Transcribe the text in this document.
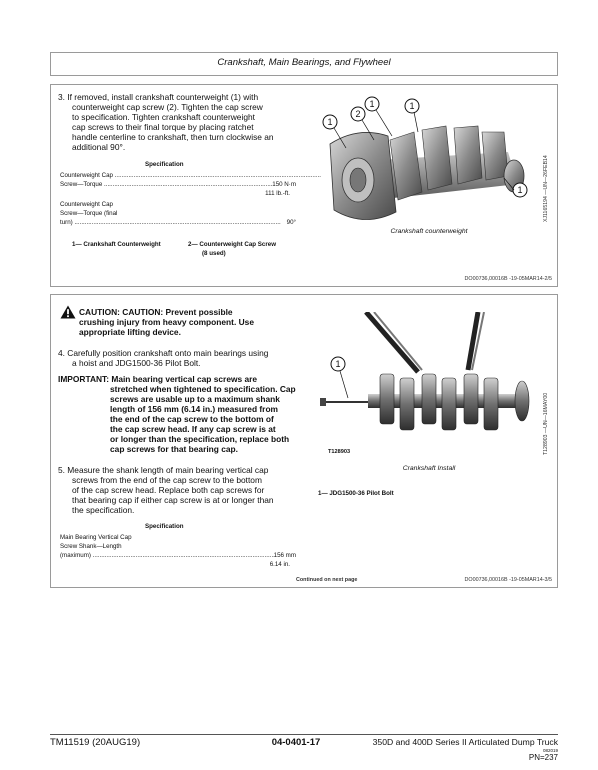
Crankshaft, Main Bearings, and Flywheel
3. If removed, install crankshaft counterweight (1) with
counterweight cap screw (2). Tighten the cap screw
to specification. Tighten crankshaft counterweight
cap screws to their final torque by placing ratchet
handle centerline to crankshaft, then turn clockwise an
additional 90°.
Specification
Counterweight Cap .....
Screw—Torque .....	150 N·m
111 lb.-ft.
Counterweight Cap
Screw—Torque (final
turn) .....	90°
1— Crankshaft Counterweight	2— Counterweight Cap Screw
(8 used)
1
2
1	1
1	XJ1165194 —UN—26FEB14
Crankshaft counterweight
DO00736,00016B -19-05MAR14-2/5
CAUTION: CAUTION: Prevent possible
crushing injury from heavy component. Use
appropriate lifting device.
4. Carefully position crankshaft onto main bearings using
a hoist and JDG1500-36 Pilot Bolt.
IMPORTANT: Main bearing vertical cap screws are
stretched when tightened to specification. Cap
screws are usable up to a maximum shank
length of 156 mm (6.14 in.) measured from
the end of the cap screw to the bottom of
the cap screw head. If any cap screw is at
or longer than the specification, replace both
cap screws for that bearing cap.
5. Measure the shank length of main bearing vertical cap
screws from the end of the cap screw to the bottom
of the cap screw head. Replace both cap screws for
that bearing cap if either cap screw is at or longer than
the specification.
Specification
Main Bearing Vertical Cap
Screw Shank—Length
(maximum) .....	156 mm
6.14 in.
1
T128903 —UN—16MAY00
T128903
Crankshaft Install
1— JDG1500-36 Pilot Bolt
Continued on next page	DO00736,00016B -19-05MAR14-3/5
TM11519 (20AUG19)	04-0401-17	350D and 400D Series II Articulated Dump Truck
082019
PN=237
